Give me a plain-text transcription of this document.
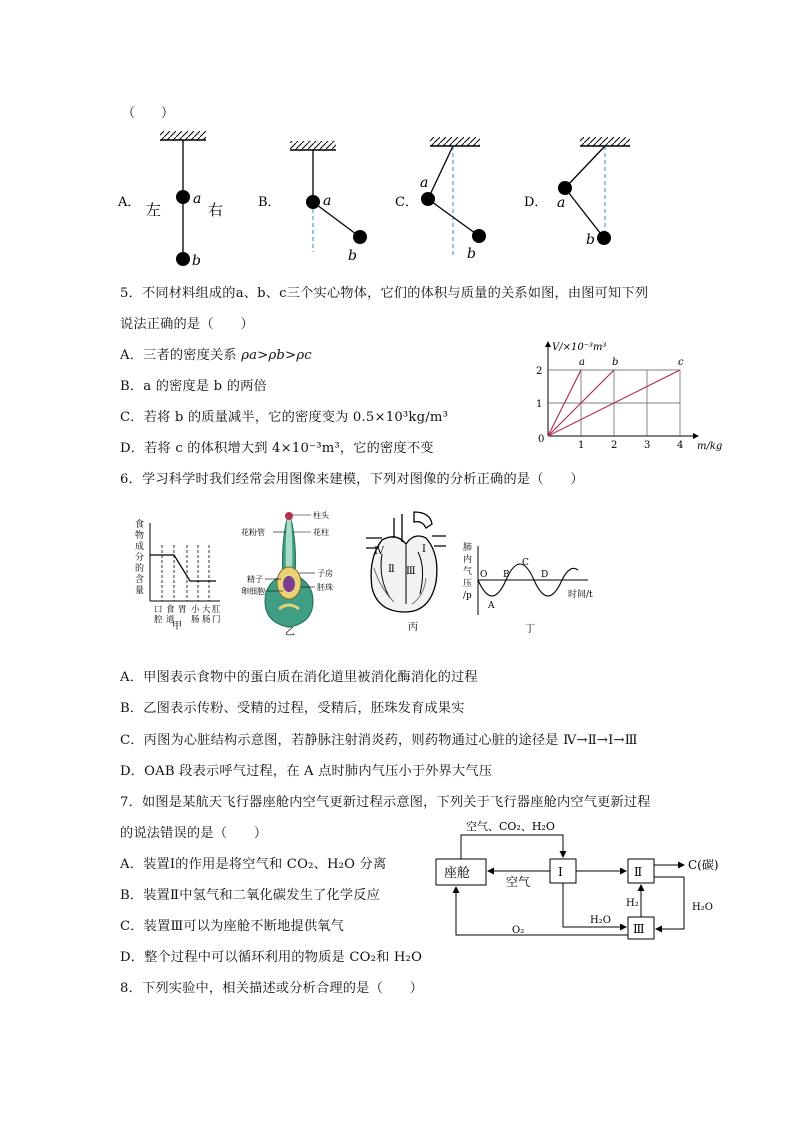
（　　）
a
b
左	右
A．	a
b
B．
a
b
C．	a
b
D．
5．不同材料组成的a、b、c三个实心物体，它们的体积与质量的关系如图，由图可知下列
说法正确的是（　　）
A．三者的密度关系 ρa>ρb>ρc
B．a 的密度是 b 的两倍
C．若将 b 的质量减半，它的密度变为 0.5×10³kg/m³
D．若将 c 的体积增大到 4×10⁻³m³，它的密度不变
a	b	c
1	2	3	4
1
2
V/×10⁻³m³
m/kg
0
6．学习科学时我们经常会用图像来建模，下列对图像的分析正确的是（　　）
食
物
成
分
的
含
量
口 食 胃 小 大 肛
腔 道 肠 肠 门
甲
柱头
花粉管	花柱
子房
精子
胚珠
卵细胞
乙
Ⅳ	Ⅰ
Ⅱ Ⅲ
丙
肺
内
气
压
/p
O
A
B
C
D
时间/t
丁
A．甲图表示食物中的蛋白质在消化道里被消化酶消化的过程
B．乙图表示传粉、受精的过程，受精后，胚珠发育成果实
C．丙图为心脏结构示意图，若静脉注射消炎药，则药物通过心脏的途径是 Ⅳ→Ⅱ→Ⅰ→Ⅲ
D．OAB 段表示呼气过程，在 A 点时肺内气压小于外界大气压
7．如图是某航天飞行器座舱内空气更新过程示意图，下列关于飞行器座舱内空气更新过程
的说法错误的是（　　）
A．装置Ⅰ的作用是将空气和 CO₂、H₂O 分离
B．装置Ⅱ中氢气和二氧化碳发生了化学反应
C．装置Ⅲ可以为座舱不断地提供氧气
D．整个过程中可以循环利用的物质是 CO₂和 H₂O
座舱	Ⅰ	Ⅱ
Ⅲ
空气、CO₂、H₂O
空气
C(碳)
H₂
H₂O
H₂O
O₂
8．下列实验中，相关描述或分析合理的是（　　）
